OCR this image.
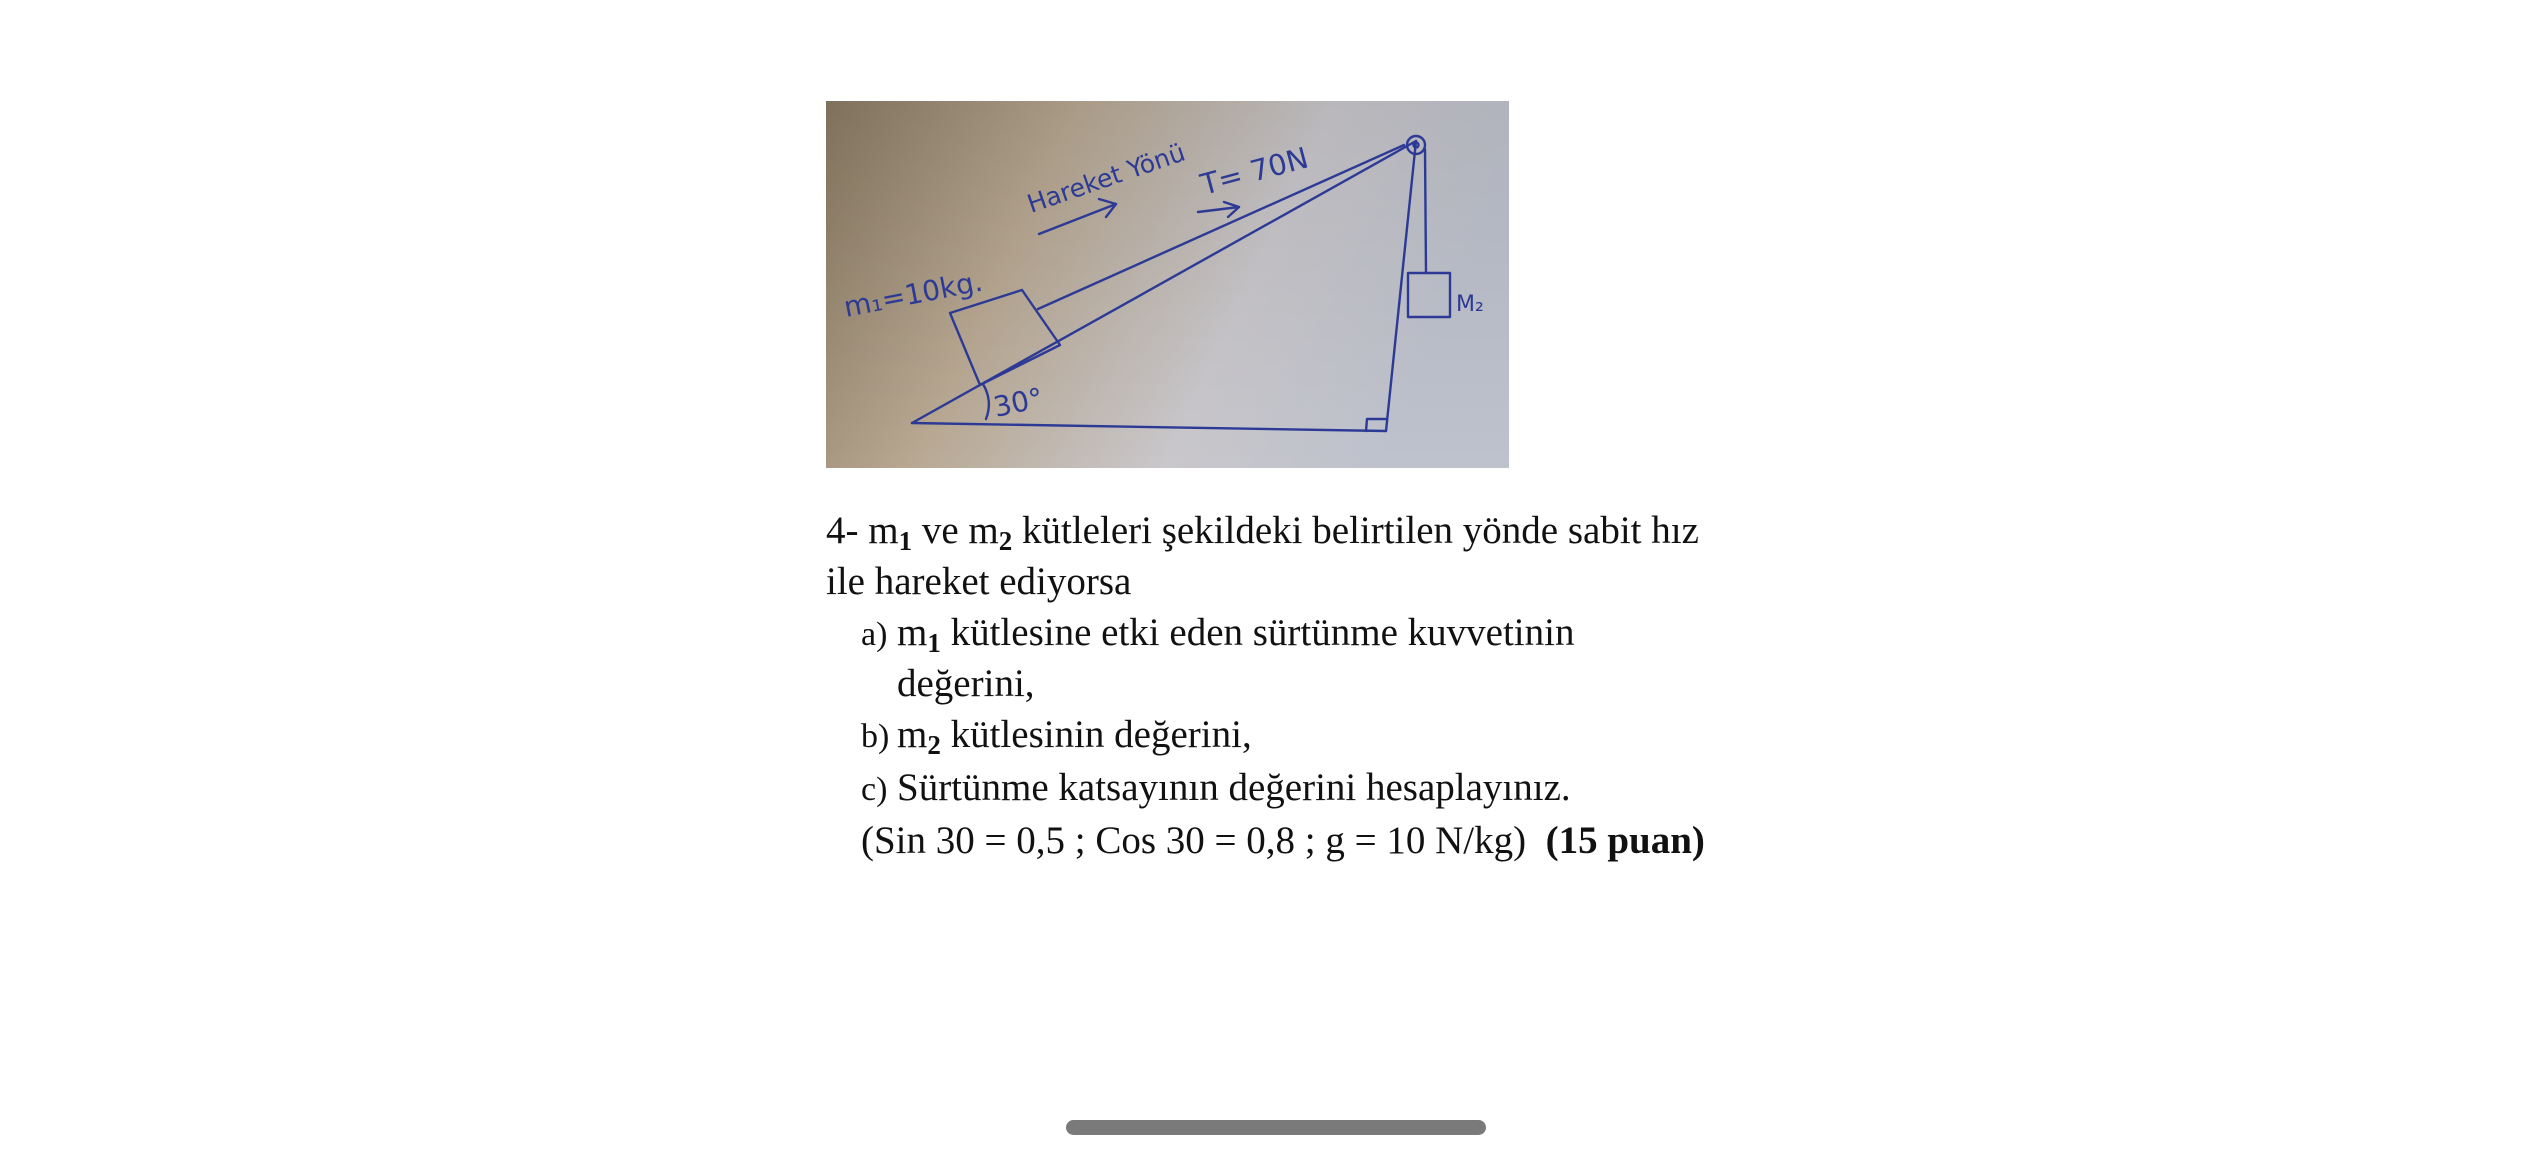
Hareket Yönü T= 70N
m₁=10kg.
30°
M₂

4- $m_1$ ve $m_2$ kütleleri şekildeki belirtilen yönde sabit hız ile hareket ediyorsa

a) $m_1$ kütlesine etki eden sürtünme kuvvetinin değerini,
b) $m_2$ kütlesinin değerini,
c) Sürtünme katsayının değerini hesaplayınız.

(Sin 30 = 0,5 ; Cos 30 = 0,8 ; g = 10 N/kg) (15 puan)
